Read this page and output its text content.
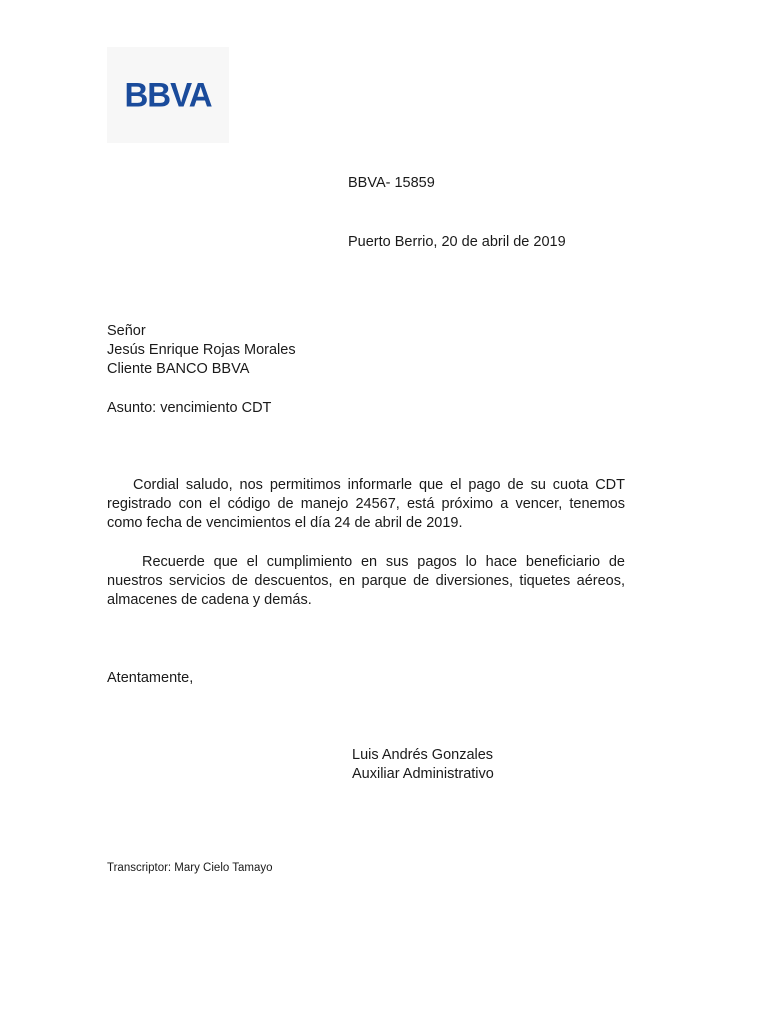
BBVA
BBVA- 15859
Puerto Berrio, 20 de abril de 2019
Señor
Jesús Enrique Rojas Morales
Cliente BANCO BBVA
Asunto: vencimiento CDT
Cordial saludo, nos permitimos informarle que el pago de su cuota CDT registrado con el código de manejo 24567, está próximo a vencer, tenemos como fecha de vencimientos el día 24 de abril de 2019.
Recuerde que el cumplimiento en sus pagos lo hace beneficiario de nuestros servicios de descuentos, en parque de diversiones, tiquetes aéreos, almacenes de cadena y demás.
Atentamente,
Luis Andrés Gonzales
Auxiliar Administrativo
Transcriptor: Mary Cielo Tamayo
